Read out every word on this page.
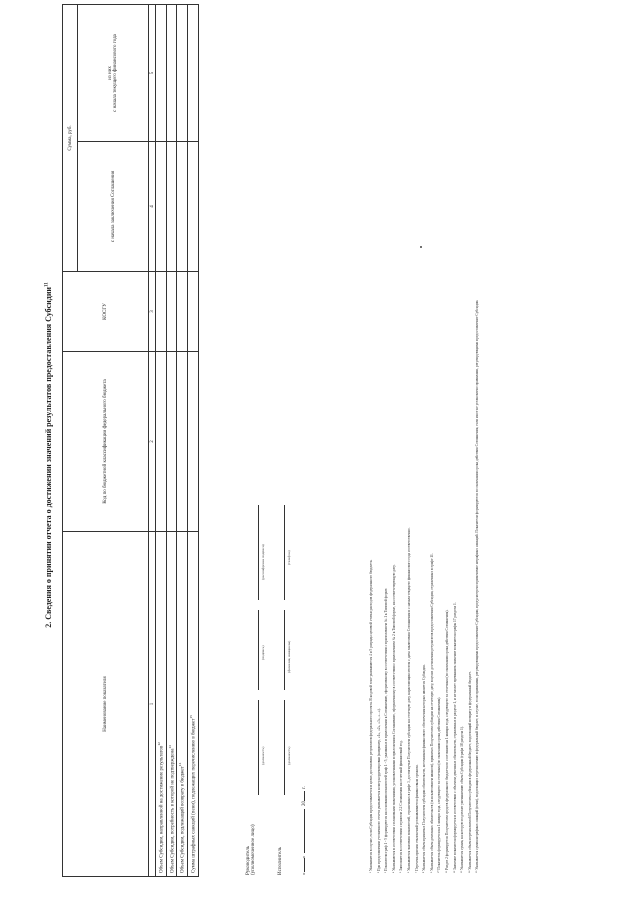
2. Сведения о принятии отчета о достижении значений результатов предоставления Субсидии$^{11}$
Наименование показателя	Код по бюджетной классификации федерального бюджета	КОСГУ	Сумма, руб.	
			с начала заключения Соглашения	из них с начала текущего финансового года

1	2	3	4	5
Объем Субсидии, направленной на достижение результатов$^{12}$				
Объем Субсидии, потребность в которой не подтверждена$^{13}$				
Объем Субсидии, подлежащий возврату в бюджет$^{14}$				
Сумма штрафных санкций (пени), подлежащих перечислению в бюджет$^{15}$				
Руководитель (уполномоченное лицо)
(должность)
(подпись)
(расшифровка подписи)
Исполнитель
(должность)
(фамилия, инициалы)
(телефон)
«»20г.	¹ Указывается в случае, если Субсидия предоставляется в целях достижения результатов федерального проекта. В кодовой зоне указываются 4 и 5 разряды целевой статьи расходов федерального бюджета. ² При представлении уточненного отчета указывается номер корректировки (например, «1», «2», «3», «...»). ³ Показатели граф 1 - 5 формируются на основании показателей граф 1 - 5, указанных в приложении к Соглашению, оформленному в соответствии с приложением № 1 к Типовой форме. ⁴ Указываются в соответствии с плановыми значениями, установленными в приложении к Соглашению, оформленному в соответствии с приложением № 2 к Типовой форме, на соответствующую дату. ⁵ Заполняется в соответствии с пунктом 2.2 Соглашения на отчетный финансовый год. ⁶ Указываются значения показателей, отраженных в графе 3, достигнутые Получателем субсидии на отчетную дату, нарастающим итогом с даты заключения Соглашения и с начала текущего финансового года соответственно. ⁷ Перечень причин отклонений устанавливается финансовым органом. ⁸ Указывается объем принятых Получателем субсидии обязательств, источником финансового обеспечения которых является Субсидия. ⁹ Указывается объем денежных обязательств (за исключением авансов), принятых Получателем субсидии на отчетную дату, в целях достижения результатов предоставления Субсидии, отраженных в графе 11. ¹⁰ Показатель формируется на 1 января года, следующего за отчетным (по окончании срока действия Соглашения). ¹¹ Раздел 2 формируется Получателем средств федерального бюджета по состоянию на 1 января года, следующего за отчетным (по окончании срока действия Соглашения). ¹² Значение показателя формируется в соответствии с объемом денежных обязательств, отраженных в разделе 1, и не может превышать значение показателя графы 17 раздела 1. ¹³ Указывается сумма, на которую подлежит уменьшению объем Субсидии (графа 18 раздела 1). ¹⁴ Указывается объем перечисляемой Получателем субсидии в федеральный бюджет, подлежащий возврату в федеральный бюджет. ¹⁵ Указывается сумма штрафных санкций (пени), подлежащих перечислению в федеральный бюджет, в случае, если правилами, регулирующими предоставление Субсидии, предусмотрено применение штрафных санкций. Показатели формируются по окончании срока действия Соглашения, если иное не установлено правилами, регулирующими предоставление Субсидии.
